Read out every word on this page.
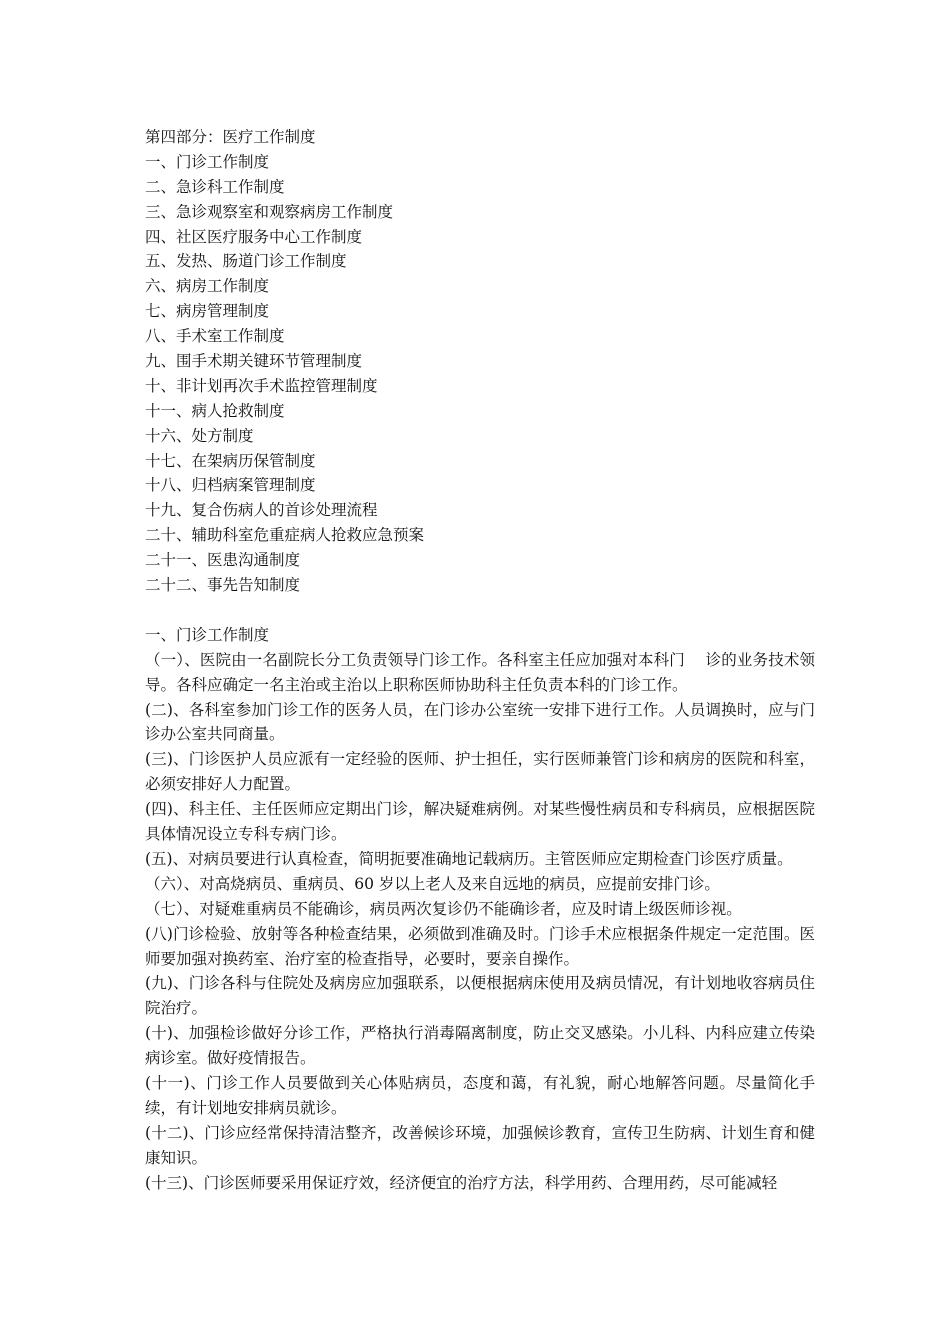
第四部分：医疗工作制度
一、门诊工作制度
二、急诊科工作制度
三、急诊观察室和观察病房工作制度
四、社区医疗服务中心工作制度
五、发热、肠道门诊工作制度
六、病房工作制度
七、病房管理制度
八、手术室工作制度
九、围手术期关键环节管理制度
十、非计划再次手术监控管理制度
十一、病人抢救制度
十六、处方制度
十七、在架病历保管制度
十八、归档病案管理制度
十九、复合伤病人的首诊处理流程
二十、辅助科室危重症病人抢救应急预案
二十一、医患沟通制度
二十二、事先告知制度
一、门诊工作制度
（一）、医院由一名副院长分工负责领导门诊工作。各科室主任应加强对本科门　 诊的业务技术领导。各科应确定一名主治或主治以上职称医师协助科主任负责本科的门诊工作。
(二)、各科室参加门诊工作的医务人员，在门诊办公室统一安排下进行工作。人员调换时，应与门诊办公室共同商量。
(三)、门诊医护人员应派有一定经验的医师、护士担任，实行医师兼管门诊和病房的医院和科室，必须安排好人力配置。
(四)、科主任、主任医师应定期出门诊，解决疑难病例。对某些慢性病员和专科病员，应根据医院具体情况设立专科专病门诊。
(五)、对病员要进行认真检查，简明扼要准确地记载病历。主管医师应定期检查门诊医疗质量。
（六）、对高烧病员、重病员、60 岁以上老人及来自远地的病员，应提前安排门诊。
（七）、对疑难重病员不能确诊，病员两次复诊仍不能确诊者，应及时请上级医师诊视。
(八)门诊检验、放射等各种检查结果，必须做到准确及时。门诊手术应根据条件规定一定范围。医师要加强对换药室、治疗室的检查指导，必要时，要亲自操作。
(九)、门诊各科与住院处及病房应加强联系，以便根据病床使用及病员情况，有计划地收容病员住院治疗。
(十)、加强检诊做好分诊工作，严格执行消毒隔离制度，防止交叉感染。小儿科、内科应建立传染病诊室。做好疫情报告。
(十一)、门诊工作人员要做到关心体贴病员，态度和蔼，有礼貌，耐心地解答问题。尽量简化手续，有计划地安排病员就诊。
(十二)、门诊应经常保持清洁整齐，改善候诊环境，加强候诊教育，宣传卫生防病、计划生育和健康知识。
(十三)、门诊医师要采用保证疗效，经济便宜的治疗方法，科学用药、合理用药，尽可能减轻
